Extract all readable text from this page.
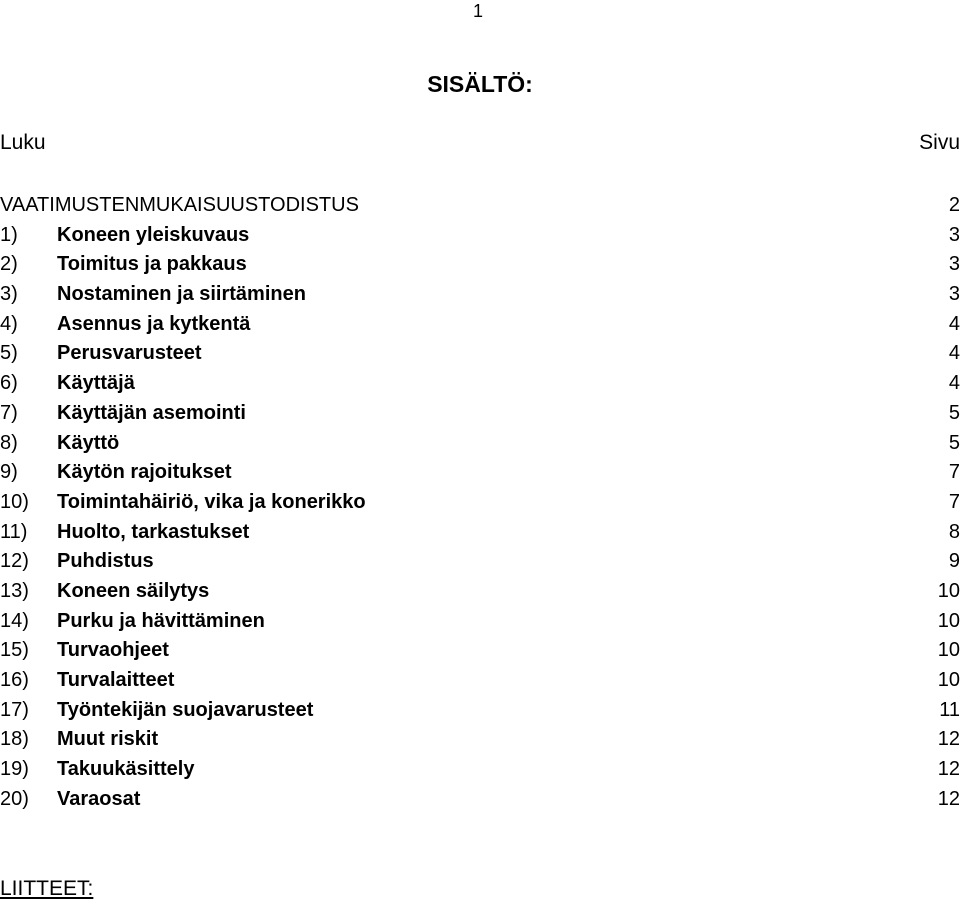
1
SISÄLTÖ:
Luku	Sivu
VAATIMUSTENMUKAISUUSTODISTUS	2
1)	Koneen yleiskuvaus	3
2)	Toimitus ja pakkaus	3
3)	Nostaminen ja siirtäminen	3
4)	Asennus ja kytkentä	4
5)	Perusvarusteet	4
6)	Käyttäjä	4
7)	Käyttäjän asemointi	5
8)	Käyttö	5
9)	Käytön rajoitukset	7
10)	Toimintahäiriö, vika ja konerikko	7
11)	Huolto, tarkastukset	8
12)	Puhdistus	9
13)	Koneen säilytys	10
14)	Purku ja hävittäminen	10
15)	Turvaohjeet	10
16)	Turvalaitteet	10
17)	Työntekijän suojavarusteet	11
18)	Muut riskit	12
19)	Takuukäsittely	12
20)	Varaosat	12
LIITTEET:
